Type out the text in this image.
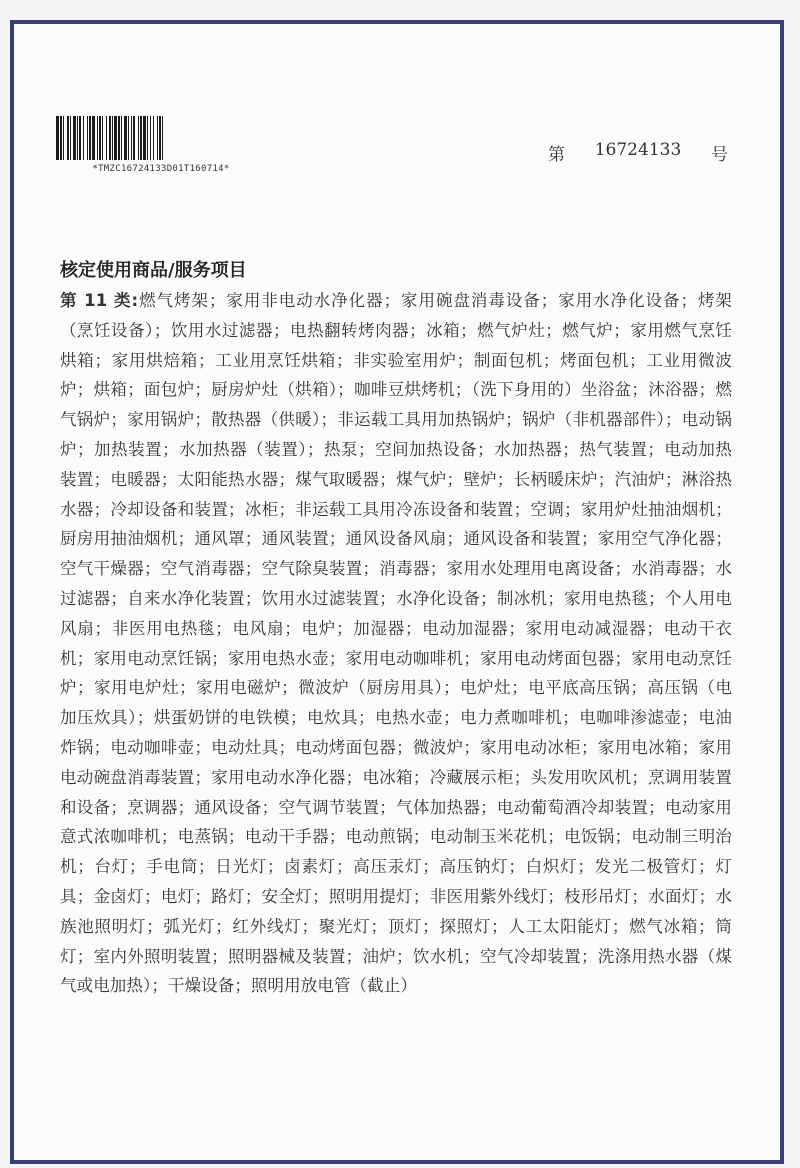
*TMZC16724133D01T160714*
第 16724133 号
核定使用商品/服务项目

第 11 类:燃气烤架；家用非电动水净化器；家用碗盘消毒设备；家用水净化设备；烤架（烹饪设备）；饮用水过滤器；电热翻转烤肉器；冰箱；燃气炉灶；燃气炉；家用燃气烹饪烘箱；家用烘焙箱；工业用烹饪烘箱；非实验室用炉；制面包机；烤面包机；工业用微波炉；烘箱；面包炉；厨房炉灶（烘箱）；咖啡豆烘烤机；（洗下身用的）坐浴盆；沐浴器；燃气锅炉；家用锅炉；散热器（供暖）；非运载工具用加热锅炉；锅炉（非机器部件）；电动锅炉；加热装置；水加热器（装置）；热泵；空间加热设备；水加热器；热气装置；电动加热装置；电暖器；太阳能热水器；煤气取暖器；煤气炉；壁炉；长柄暖床炉；汽油炉；淋浴热水器；冷却设备和装置；冰柜；非运载工具用冷冻设备和装置；空调；家用炉灶抽油烟机；厨房用抽油烟机；通风罩；通风装置；通风设备风扇；通风设备和装置；家用空气净化器；空气干燥器；空气消毒器；空气除臭装置；消毒器；家用水处理用电离设备；水消毒器；水过滤器；自来水净化装置；饮用水过滤装置；水净化设备；制冰机；家用电热毯；个人用电风扇；非医用电热毯；电风扇；电炉；加湿器；电动加湿器；家用电动减湿器；电动干衣机；家用电动烹饪锅；家用电热水壶；家用电动咖啡机；家用电动烤面包器；家用电动烹饪炉；家用电炉灶；家用电磁炉；微波炉（厨房用具）；电炉灶；电平底高压锅；高压锅（电加压炊具）；烘蛋奶饼的电铁模；电炊具；电热水壶；电力煮咖啡机；电咖啡渗滤壶；电油炸锅；电动咖啡壶；电动灶具；电动烤面包器；微波炉；家用电动冰柜；家用电冰箱；家用电动碗盘消毒装置；家用电动水净化器；电冰箱；冷藏展示柜；头发用吹风机；烹调用装置和设备；烹调器；通风设备；空气调节装置；气体加热器；电动葡萄酒冷却装置；电动家用意式浓咖啡机；电蒸锅；电动干手器；电动煎锅；电动制玉米花机；电饭锅；电动制三明治机；台灯；手电筒；日光灯；卤素灯；高压汞灯；高压钠灯；白炽灯；发光二极管灯；灯具；金卤灯；电灯；路灯；安全灯；照明用提灯；非医用紫外线灯；枝形吊灯；水面灯；水族池照明灯；弧光灯；红外线灯；聚光灯；顶灯；探照灯；人工太阳能灯；燃气冰箱；筒灯；室内外照明装置；照明器械及装置；油炉；饮水机；空气冷却装置；洗涤用热水器（煤气或电加热）；干燥设备；照明用放电管（截止）
